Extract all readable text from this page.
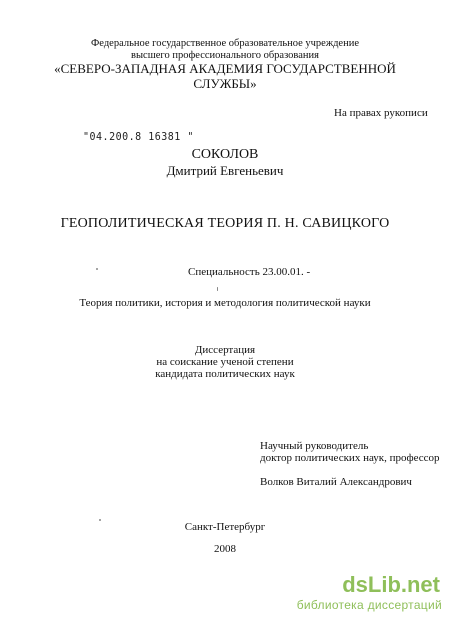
Федеральное государственное образовательное учреждение
высшего профессионального образования
«СЕВЕРО-ЗАПАДНАЯ АКАДЕМИЯ ГОСУДАРСТВЕННОЙ
СЛУЖБЫ»
На правах рукописи
"04.200.8 16381 "
СОКОЛОВ
Дмитрий Евгеньевич
ГЕОПОЛИТИЧЕСКАЯ ТЕОРИЯ П. Н. САВИЦКОГО
Специальность 23.00.01. -
Теория политики, история и методология политической науки
Диссертация
на соискание ученой степени
кандидата политических наук
Научный руководитель
доктор политических наук, профессор
Волков Виталий Александрович
Санкт-Петербург
2008
dsLib.net
библиотека диссертаций
